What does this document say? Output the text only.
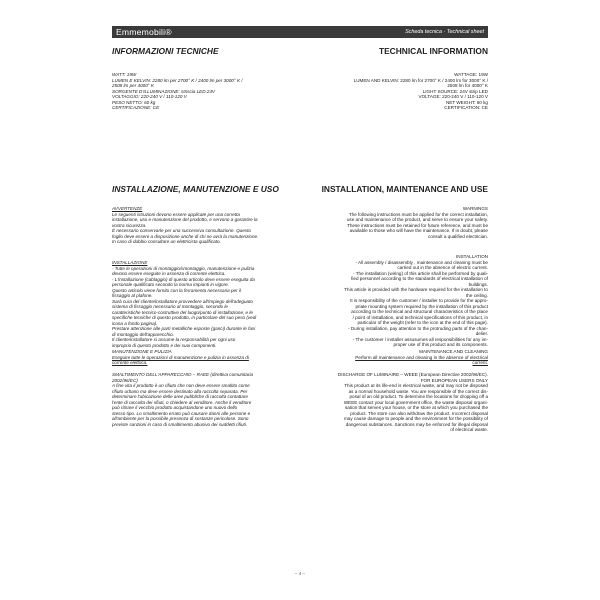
Emmemobili®	Scheda tecnica · Technical sheet
INFORMAZIONI TECNICHE
WATT: 19W
LUMEN E KELVIN: 2280 lm per 2700° K / 2400 lm per 3000° K /
2508 lm per 4000° K
SORGENTE D'ILLUMINAZIONE: striscia LED 24V
VOLTAGGIO: 220-240 V / 110-120 V
PESO NETTO: 60 kg
CERTIFICAZIONE: CE
INSTALLAZIONE, MANUTENZIONE E USO

AVVERTENZE

Le seguenti istruzioni devono essere applicate per una corretta
installazione, uso e manutenzione del prodotto, e servono a garantire la
vostra sicurezza.
È necessario conservarle per una successiva consultazione. Questo
foglio deve essere a disposizione anche di chi ne avrà la manutenzione.
In caso di dubbio consultare un elettricista qualificato.

INSTALLAZIONE

- Tutte le operazioni di montaggio/smontaggio, manutenzione e pulizia
devono essere eseguite in assenza di corrente elettrica.
- L'installazione (cablaggio) di questo articolo deve essere eseguita da
personale qualificato secondo la norma impianti in vigore.
Questo articolo viene fornito con la ferramenta necessaria per il
fissaggio al plafone.
Sarà cura del cliente/installatore provvedere all'impiego dell'adeguato
sistema di fissaggio necessario al montaggio, secondo le
caratteristiche tecnico-costruttive del luogo/punto di installazione, e le
specifiche tecniche di questo prodotto, in particolare del suo peso (vedi
icona a fondo pagina).
Prestare attenzione alle parti metalliche esposte (ganci) durante le fasi
di montaggio dell'apparecchio.
Il cliente/installatore si assume la responsabilità per ogni uso
improprio di questo prodotto e dei suoi componenti.

MANUTENZIONE E PULIZIA

Eseguire tutte le operazioni di manutenzione e pulizia in assenza di
corrente elettrica.
SMALTIMENTO DELL'APPARECCHIO – RAEE (direttiva comunitaria
2002/96/EC)
A fine vita il prodotto è un rifiuto che non deve essere smaltito come
rifiuto urbano ma deve essere destinato alla raccolta separata. Per
determinare l'ubicazione delle aree pubbliche di raccolta contattare
l'ente di raccolta dei rifiuti, o chiedere al venditore. Anche il venditore
può ritirare il vecchio prodotto acquistandone uno nuovo dello
stesso tipo. Lo smaltimento errato può causare danni alle persone e
all'ambiente per la possibile presenza di sostanze pericolose. Sono
previste sanzioni in caso di smaltimento abusivo dei suddetti rifiuti.
TECHNICAL INFORMATION
WATTAGE: 19W
LUMEN AND KELVIN: 2280 lm for 2700° K / 2400 lm for 3000° K /
2508 lm for 4000° K
LIGHT SOURCE: 24V strip LED
VOLTAGE: 220-240 V / 110-120 V
NET WEIGHT: 60 kg
CERTIFICATION: CE
INSTALLATION, MAINTENANCE AND USE

WARNINGS

The following instructions must be applied for the correct installation,
use and maintenance of the product, and serve to ensure your safety.
These instructions must be retained for future reference, and must be
available to those who will have the maintenance. If in doubt, please
consult a qualified electrician.

INSTALLATION

- All assembly / disassembly , maintenance and cleaning must be
carried out in the absence of electric current.
- The installation (wiring) of this article shall be performed by quali-
fied personnel according to the standards of electrical installation of
buildings.
This article is provided with the hardware required for the installation to
the ceiling.
It is responsibility of the customer / installer to provide for the appro-
priate mounting system required by the installation of this product
according to the technical and structural characteristics of the place
/ point of installation, and technical specifications of this product, in
particular of the weight (refer to the icon at the end of this page).
- During installation, pay attention to the protruding parts of the chan-
delier.
- The customer / installer assusumes all responsibilities for any im-
proper use of this product and its components.

MAINTENANCE AND CLEANING

Perform all maintenance and cleaning in the absence of electrical
current.
DISCHARGE OF LUMINAIRE – WEEE (European Directive 2002/96/EC).
FOR EUROPEAN USERS ONLY
This product at its life-end is electrical waste, and may not be disposed
as a normal household waste. You are responsible of the correct dis-
posal of an old product. To determine the locations for dropping off a
WEEE contact your local government office, the waste disposal organi-
sation that serves your house, or the store at which you purchased the
product. The store can also withdraw the product. Incorrect disposal
may cause damage to people and the environment for the possibility of
dangerous substances. Sanctions may be enforced for illegal disposal
of electrical waste.
– 4 –
